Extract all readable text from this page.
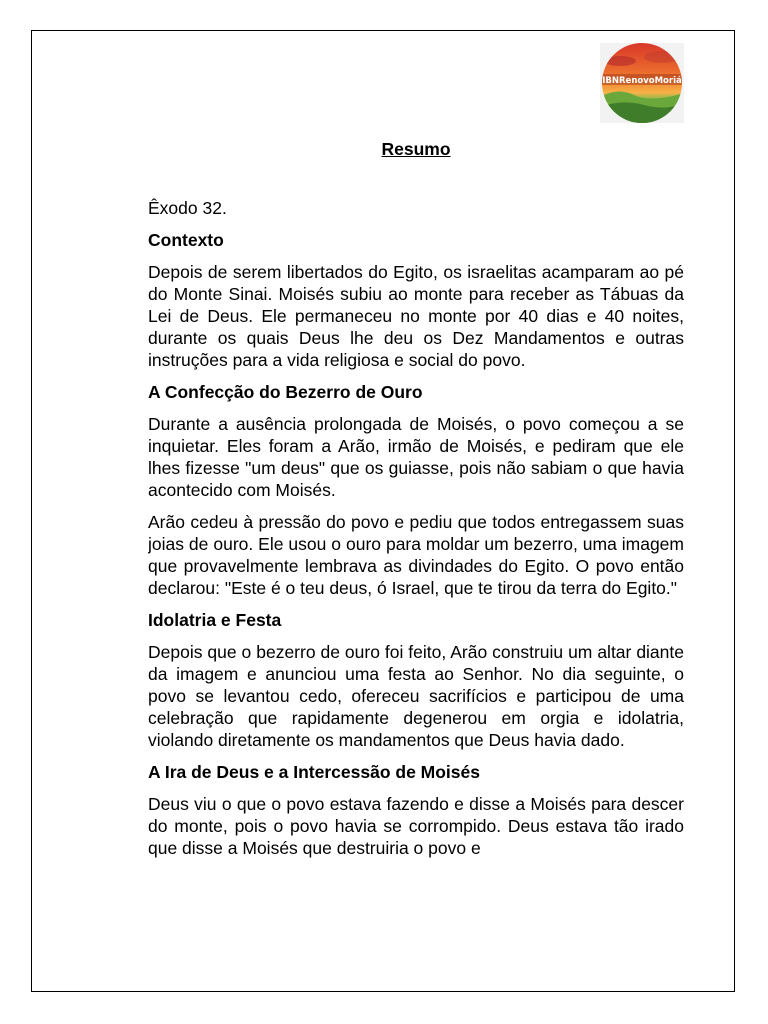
IBNRenovoMoriá
Resumo

Êxodo 32.

Contexto

Depois de serem libertados do Egito, os israelitas acamparam ao pé do Monte Sinai. Moisés subiu ao monte para receber as Tábuas da Lei de Deus. Ele permaneceu no monte por 40 dias e 40 noites, durante os quais Deus lhe deu os Dez Mandamentos e outras instruções para a vida religiosa e social do povo.

A Confecção do Bezerro de Ouro

Durante a ausência prolongada de Moisés, o povo começou a se inquietar. Eles foram a Arão, irmão de Moisés, e pediram que ele lhes fizesse "um deus" que os guiasse, pois não sabiam o que havia acontecido com Moisés.

Arão cedeu à pressão do povo e pediu que todos entregassem suas joias de ouro. Ele usou o ouro para moldar um bezerro, uma imagem que provavelmente lembrava as divindades do Egito. O povo então declarou: "Este é o teu deus, ó Israel, que te tirou da terra do Egito."

Idolatria e Festa

Depois que o bezerro de ouro foi feito, Arão construiu um altar diante da imagem e anunciou uma festa ao Senhor. No dia seguinte, o povo se levantou cedo, ofereceu sacrifícios e participou de uma celebração que rapidamente degenerou em orgia e idolatria, violando diretamente os mandamentos que Deus havia dado.

A Ira de Deus e a Intercessão de Moisés

Deus viu o que o povo estava fazendo e disse a Moisés para descer do monte, pois o povo havia se corrompido. Deus estava tão irado que disse a Moisés que destruiria o povo e
